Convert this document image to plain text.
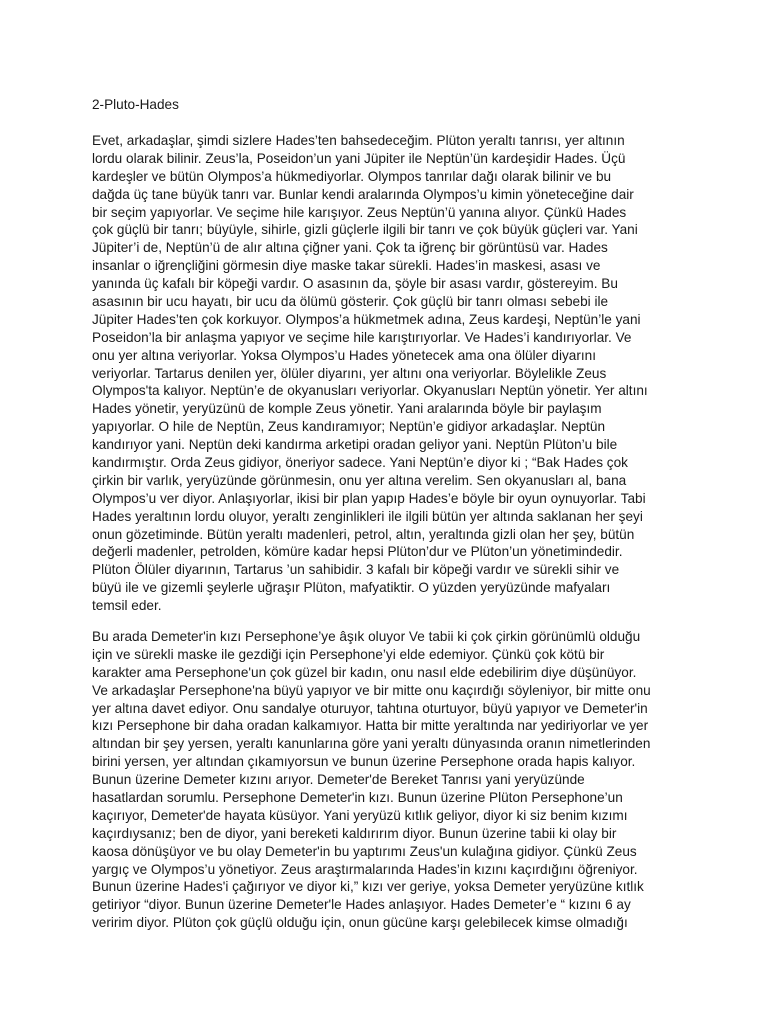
2-Pluto-Hades

Evet, arkadaşlar, şimdi sizlere Hades’ten bahsedeceğim. Plüton yeraltı tanrısı, yer altının
lordu olarak bilinir. Zeus’la, Poseidon’un yani Jüpiter ile Neptün’ün kardeşidir Hades. Üçü
kardeşler ve bütün Olympos’a hükmediyorlar. Olympos tanrılar dağı olarak bilinir ve bu
dağda üç tane büyük tanrı var. Bunlar kendi aralarında Olympos’u kimin yöneteceğine dair
bir seçim yapıyorlar. Ve seçime hile karışıyor. Zeus Neptün’ü yanına alıyor. Çünkü Hades
çok güçlü bir tanrı; büyüyle, sihirle, gizli güçlerle ilgili bir tanrı ve çok büyük güçleri var. Yani
Jüpiter’i de, Neptün’ü de alır altına çiğner yani. Çok ta iğrenç bir görüntüsü var. Hades
insanlar o iğrençliğini görmesin diye maske takar sürekli. Hades’in maskesi, asası ve
yanında üç kafalı bir köpeği vardır. O asasının da, şöyle bir asası vardır, göstereyim. Bu
asasının bir ucu hayatı, bir ucu da ölümü gösterir. Çok güçlü bir tanrı olması sebebi ile
Jüpiter Hades’ten çok korkuyor. Olympos’a hükmetmek adına, Zeus kardeşi, Neptün’le yani
Poseidon’la bir anlaşma yapıyor ve seçime hile karıştırıyorlar. Ve Hades’i kandırıyorlar. Ve
onu yer altına veriyorlar. Yoksa Olympos’u Hades yönetecek ama ona ölüler diyarını
veriyorlar. Tartarus denilen yer, ölüler diyarını, yer altını ona veriyorlar. Böylelikle Zeus
Olympos'ta kalıyor. Neptün’e de okyanusları veriyorlar. Okyanusları Neptün yönetir. Yer altını
Hades yönetir, yeryüzünü de komple Zeus yönetir. Yani aralarında böyle bir paylaşım
yapıyorlar. O hile de Neptün, Zeus kandıramıyor; Neptün’e gidiyor arkadaşlar. Neptün
kandırıyor yani. Neptün deki kandırma arketipi oradan geliyor yani. Neptün Plüton’u bile
kandırmıştır. Orda Zeus gidiyor, öneriyor sadece. Yani Neptün’e diyor ki ; “Bak Hades çok
çirkin bir varlık, yeryüzünde görünmesin, onu yer altına verelim. Sen okyanusları al, bana
Olympos’u ver diyor. Anlaşıyorlar, ikisi bir plan yapıp Hades’e böyle bir oyun oynuyorlar. Tabi
Hades yeraltının lordu oluyor, yeraltı zenginlikleri ile ilgili bütün yer altında saklanan her şeyi
onun gözetiminde. Bütün yeraltı madenleri, petrol, altın, yeraltında gizli olan her şey, bütün
değerli madenler, petrolden, kömüre kadar hepsi Plüton’dur ve Plüton’un yönetimindedir.
Plüton Ölüler diyarının, Tartarus ’un sahibidir. 3 kafalı bir köpeği vardır ve sürekli sihir ve
büyü ile ve gizemli şeylerle uğraşır Plüton, mafyatiktir. O yüzden yeryüzünde mafyaları
temsil eder.
Bu arada Demeter'in kızı Persephone’ye âşık oluyor Ve tabii ki çok çirkin görünümlü olduğu
için ve sürekli maske ile gezdiği için Persephone’yi elde edemiyor. Çünkü çok kötü bir
karakter ama Persephone'un çok güzel bir kadın, onu nasıl elde edebilirim diye düşünüyor.
Ve arkadaşlar Persephone'na büyü yapıyor ve bir mitte onu kaçırdığı söyleniyor, bir mitte onu
yer altına davet ediyor. Onu sandalye oturuyor, tahtına oturtuyor, büyü yapıyor ve Demeter'in
kızı Persephone bir daha oradan kalkamıyor. Hatta bir mitte yeraltında nar yediriyorlar ve yer
altından bir şey yersen, yeraltı kanunlarına göre yani yeraltı dünyasında oranın nimetlerinden
birini yersen, yer altından çıkamıyorsun ve bunun üzerine Persephone orada hapis kalıyor.
Bunun üzerine Demeter kızını arıyor. Demeter'de Bereket Tanrısı yani yeryüzünde
hasatlardan sorumlu. Persephone Demeter'in kızı. Bunun üzerine Plüton Persephone’un
kaçırıyor, Demeter'de hayata küsüyor. Yani yeryüzü kıtlık geliyor, diyor ki siz benim kızımı
kaçırdıysanız; ben de diyor, yani bereketi kaldırırım diyor. Bunun üzerine tabii ki olay bir
kaosa dönüşüyor ve bu olay Demeter'in bu yaptırımı Zeus'un kulağına gidiyor. Çünkü Zeus
yargıç ve Olympos’u yönetiyor. Zeus araştırmalarında Hades’in kızını kaçırdığını öğreniyor.
Bunun üzerine Hades'i çağırıyor ve diyor ki,” kızı ver geriye, yoksa Demeter yeryüzüne kıtlık
getiriyor “diyor. Bunun üzerine Demeter'le Hades anlaşıyor. Hades Demeter’e “ kızını 6 ay
veririm diyor. Plüton çok güçlü olduğu için, onun gücüne karşı gelebilecek kimse olmadığı
